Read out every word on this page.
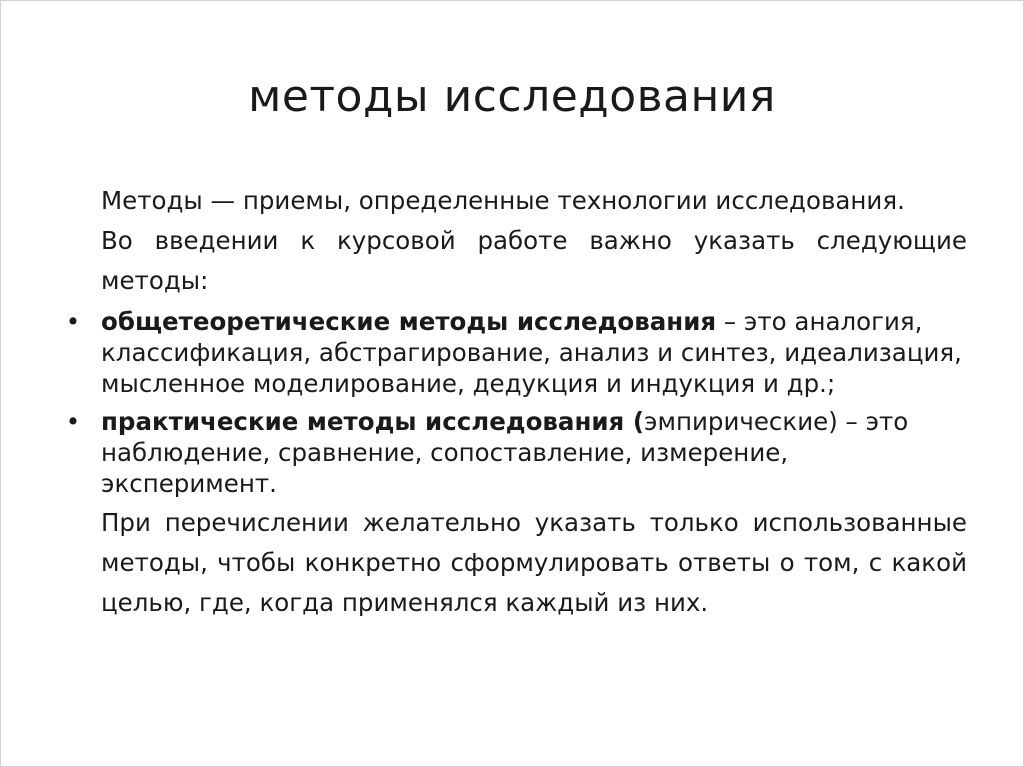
методы исследования

Методы — приемы, определенные технологии исследования.

Во введении к курсовой работе важно указать следующие методы:

• общетеоретические методы исследования – это аналогия, классификация, абстрагирование, анализ и синтез, идеализация, мысленное моделирование, дедукция и индукция и др.;

• практические методы исследования (эмпирические) – это наблюдение, сравнение, сопоставление, измерение, эксперимент.

При перечислении желательно указать только использованные методы, чтобы конкретно сформулировать ответы о том, с какой целью, где, когда применялся каждый из них.
